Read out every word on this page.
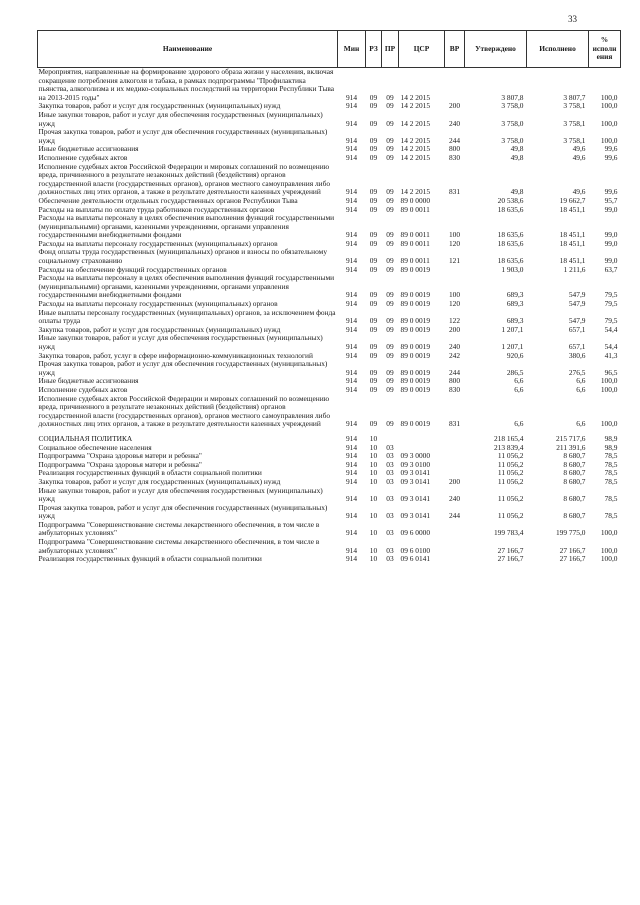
33
Наименование	Мин	РЗ	ПР	ЦСР	ВР	Утверждено	Исполнено	% исполн ения
Мероприятия, направленные на формирование здорового образа жизни у населения, включая сокращение потребления алкоголя и табака, в рамках подпрограммы "Профилактика пьянства, алкоголизма и их медико-социальных последствий на территории Республики Тыва на 2013-2015 годы"	914	09	09	14 2 2015		3 807,8	3 807,7	100,0
Закупка товаров, работ и услуг для государственных (муниципальных) нужд	914	09	09	14 2 2015	200	3 758,0	3 758,1	100,0
Иные закупки товаров, работ и услуг для обеспечения государственных (муниципальных) нужд	914	09	09	14 2 2015	240	3 758,0	3 758,1	100,0
Прочая закупка товаров, работ и услуг для обеспечения государственных (муниципальных) нужд	914	09	09	14 2 2015	244	3 758,0	3 758,1	100,0
Иные бюджетные ассигнования	914	09	09	14 2 2015	800	49,8	49,6	99,6
Исполнение судебных актов	914	09	09	14 2 2015	830	49,8	49,6	99,6
Исполнение судебных актов Российской Федерации и мировых соглашений по возмещению вреда, причиненного в результате незаконных действий (бездействия) органов государственной власти (государственных органов), органов местного самоуправления либо должностных лиц этих органов, а также в результате деятельности казенных учреждений	914	09	09	14 2 2015	831	49,8	49,6	99,6
Обеспечение деятельности отдельных государственных органов Республики Тыва	914	09	09	89 0 0000		20 538,6	19 662,7	95,7
Расходы на выплаты по оплате труда работников государственных органов	914	09	09	89 0 0011		18 635,6	18 451,1	99,0
Расходы на выплаты персоналу в целях обеспечения выполнения функций государственными (муниципальными) органами, казенными учреждениями, органами управления государственными внебюджетными фондами	914	09	09	89 0 0011	100	18 635,6	18 451,1	99,0
Расходы на выплаты персоналу государственных (муниципальных) органов	914	09	09	89 0 0011	120	18 635,6	18 451,1	99,0
Фонд оплаты труда государственных (муниципальных) органов и взносы по обязательному социальному страхованию	914	09	09	89 0 0011	121	18 635,6	18 451,1	99,0
Расходы на обеспечение функций государственных органов	914	09	09	89 0 0019		1 903,0	1 211,6	63,7
Расходы на выплаты персоналу в целях обеспечения выполнения функций государственными (муниципальными) органами, казенными учреждениями, органами управления государственными внебюджетными фондами	914	09	09	89 0 0019	100	689,3	547,9	79,5
Расходы на выплаты персоналу государственных (муниципальных) органов	914	09	09	89 0 0019	120	689,3	547,9	79,5
Иные выплаты персоналу государственных (муниципальных) органов, за исключением фонда оплаты труда	914	09	09	89 0 0019	122	689,3	547,9	79,5
Закупка товаров, работ и услуг для государственных (муниципальных) нужд	914	09	09	89 0 0019	200	1 207,1	657,1	54,4
Иные закупки товаров, работ и услуг для обеспечения государственных (муниципальных) нужд	914	09	09	89 0 0019	240	1 207,1	657,1	54,4
Закупка товаров, работ, услуг в сфере информационно-коммуникационных технологий	914	09	09	89 0 0019	242	920,6	380,6	41,3
Прочая закупка товаров, работ и услуг для обеспечения государственных (муниципальных) нужд	914	09	09	89 0 0019	244	286,5	276,5	96,5
Иные бюджетные ассигнования	914	09	09	89 0 0019	800	6,6	6,6	100,0
Исполнение судебных актов	914	09	09	89 0 0019	830	6,6	6,6	100,0
Исполнение судебных актов Российской Федерации и мировых соглашений по возмещению вреда, причиненного в результате незаконных действий (бездействия) органов государственной власти (государственных органов), органов местного самоуправления либо должностных лиц этих органов, а также в результате деятельности казенных учреждений	914	09	09	89 0 0019	831	6,6	6,6	100,0
СОЦИАЛЬНАЯ ПОЛИТИКА	914	10				218 165,4	215 717,6	98,9
Социальное обеспечение населения	914	10	03			213 839,4	211 391,6	98,9
Подпрограмма "Охрана здоровья матери и ребенка"	914	10	03	09 3 0000		11 056,2	8 680,7	78,5
Подпрограмма "Охрана здоровья матери и ребенка"	914	10	03	09 3 0100		11 056,2	8 680,7	78,5
Реализация государственных функций в области социальной политики	914	10	03	09 3 0141		11 056,2	8 680,7	78,5
Закупка товаров, работ и услуг для государственных (муниципальных) нужд	914	10	03	09 3 0141	200	11 056,2	8 680,7	78,5
Иные закупки товаров, работ и услуг для обеспечения государственных (муниципальных) нужд	914	10	03	09 3 0141	240	11 056,2	8 680,7	78,5
Прочая закупка товаров, работ и услуг для обеспечения государственных (муниципальных) нужд	914	10	03	09 3 0141	244	11 056,2	8 680,7	78,5
Подпрограмма "Совершенствование системы лекарственного обеспечения, в том числе в амбулаторных условиях"	914	10	03	09 6 0000		199 783,4	199 775,0	100,0
Подпрограмма "Совершенствование системы лекарственного обеспечения, в том числе в амбулаторных условиях"	914	10	03	09 6 0100		27 166,7	27 166,7	100,0
Реализация государственных функций в области социальной политики	914	10	03	09 6 0141		27 166,7	27 166,7	100,0
